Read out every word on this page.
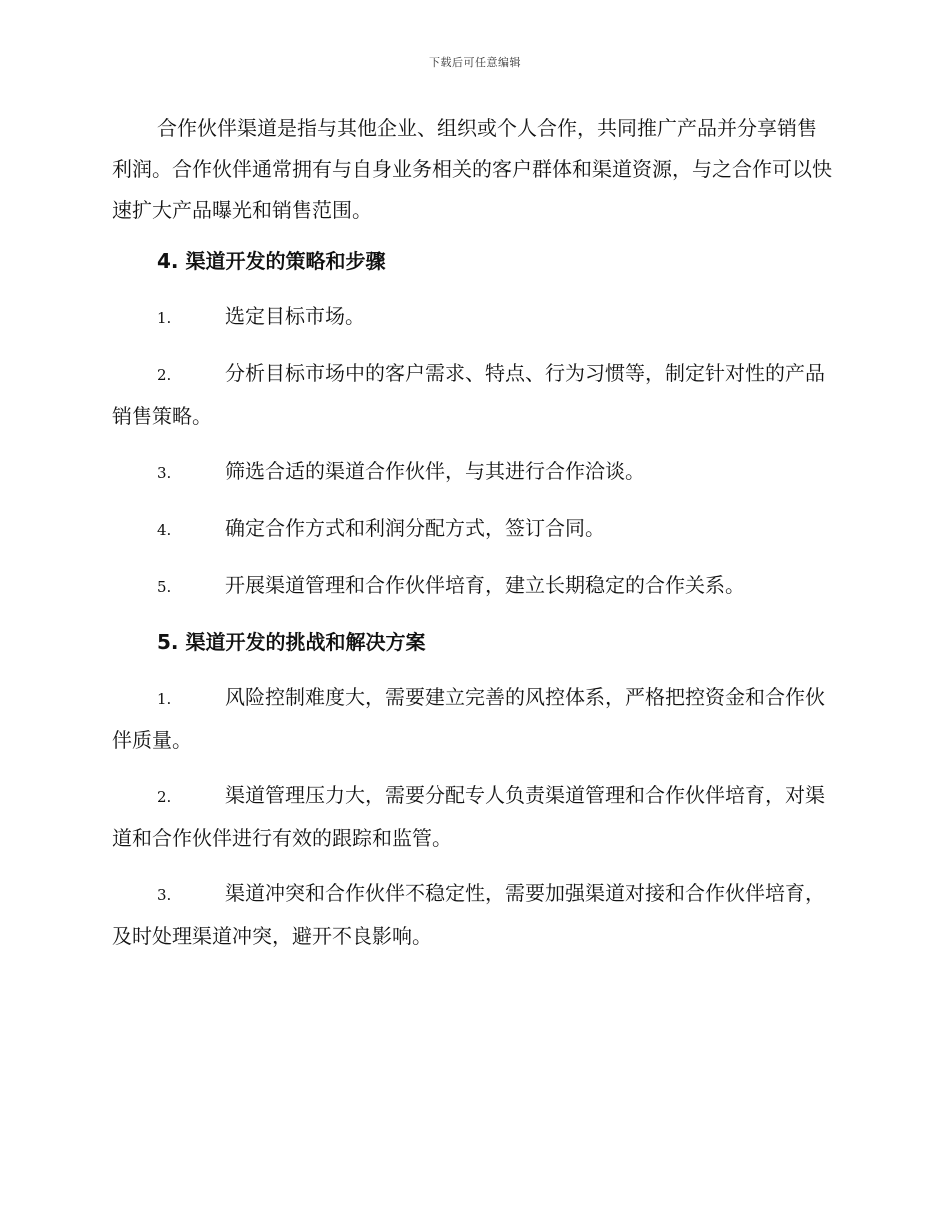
下载后可任意编辑

合作伙伴渠道是指与其他企业、组织或个人合作，共同推广产品并分享销售利润。合作伙伴通常拥有与自身业务相关的客户群体和渠道资源，与之合作可以快速扩大产品曝光和销售范围。

4. 渠道开发的策略和步骤

1.	选定目标市场。

2.	分析目标市场中的客户需求、特点、行为习惯等，制定针对性的产品销售策略。

3.	筛选合适的渠道合作伙伴，与其进行合作洽谈。

4.	确定合作方式和利润分配方式，签订合同。

5.	开展渠道管理和合作伙伴培育，建立长期稳定的合作关系。

5. 渠道开发的挑战和解决方案

1.	风险控制难度大，需要建立完善的风控体系，严格把控资金和合作伙伴质量。

2.	渠道管理压力大，需要分配专人负责渠道管理和合作伙伴培育，对渠道和合作伙伴进行有效的跟踪和监管。

3.	渠道冲突和合作伙伴不稳定性，需要加强渠道对接和合作伙伴培育，及时处理渠道冲突，避开不良影响。
